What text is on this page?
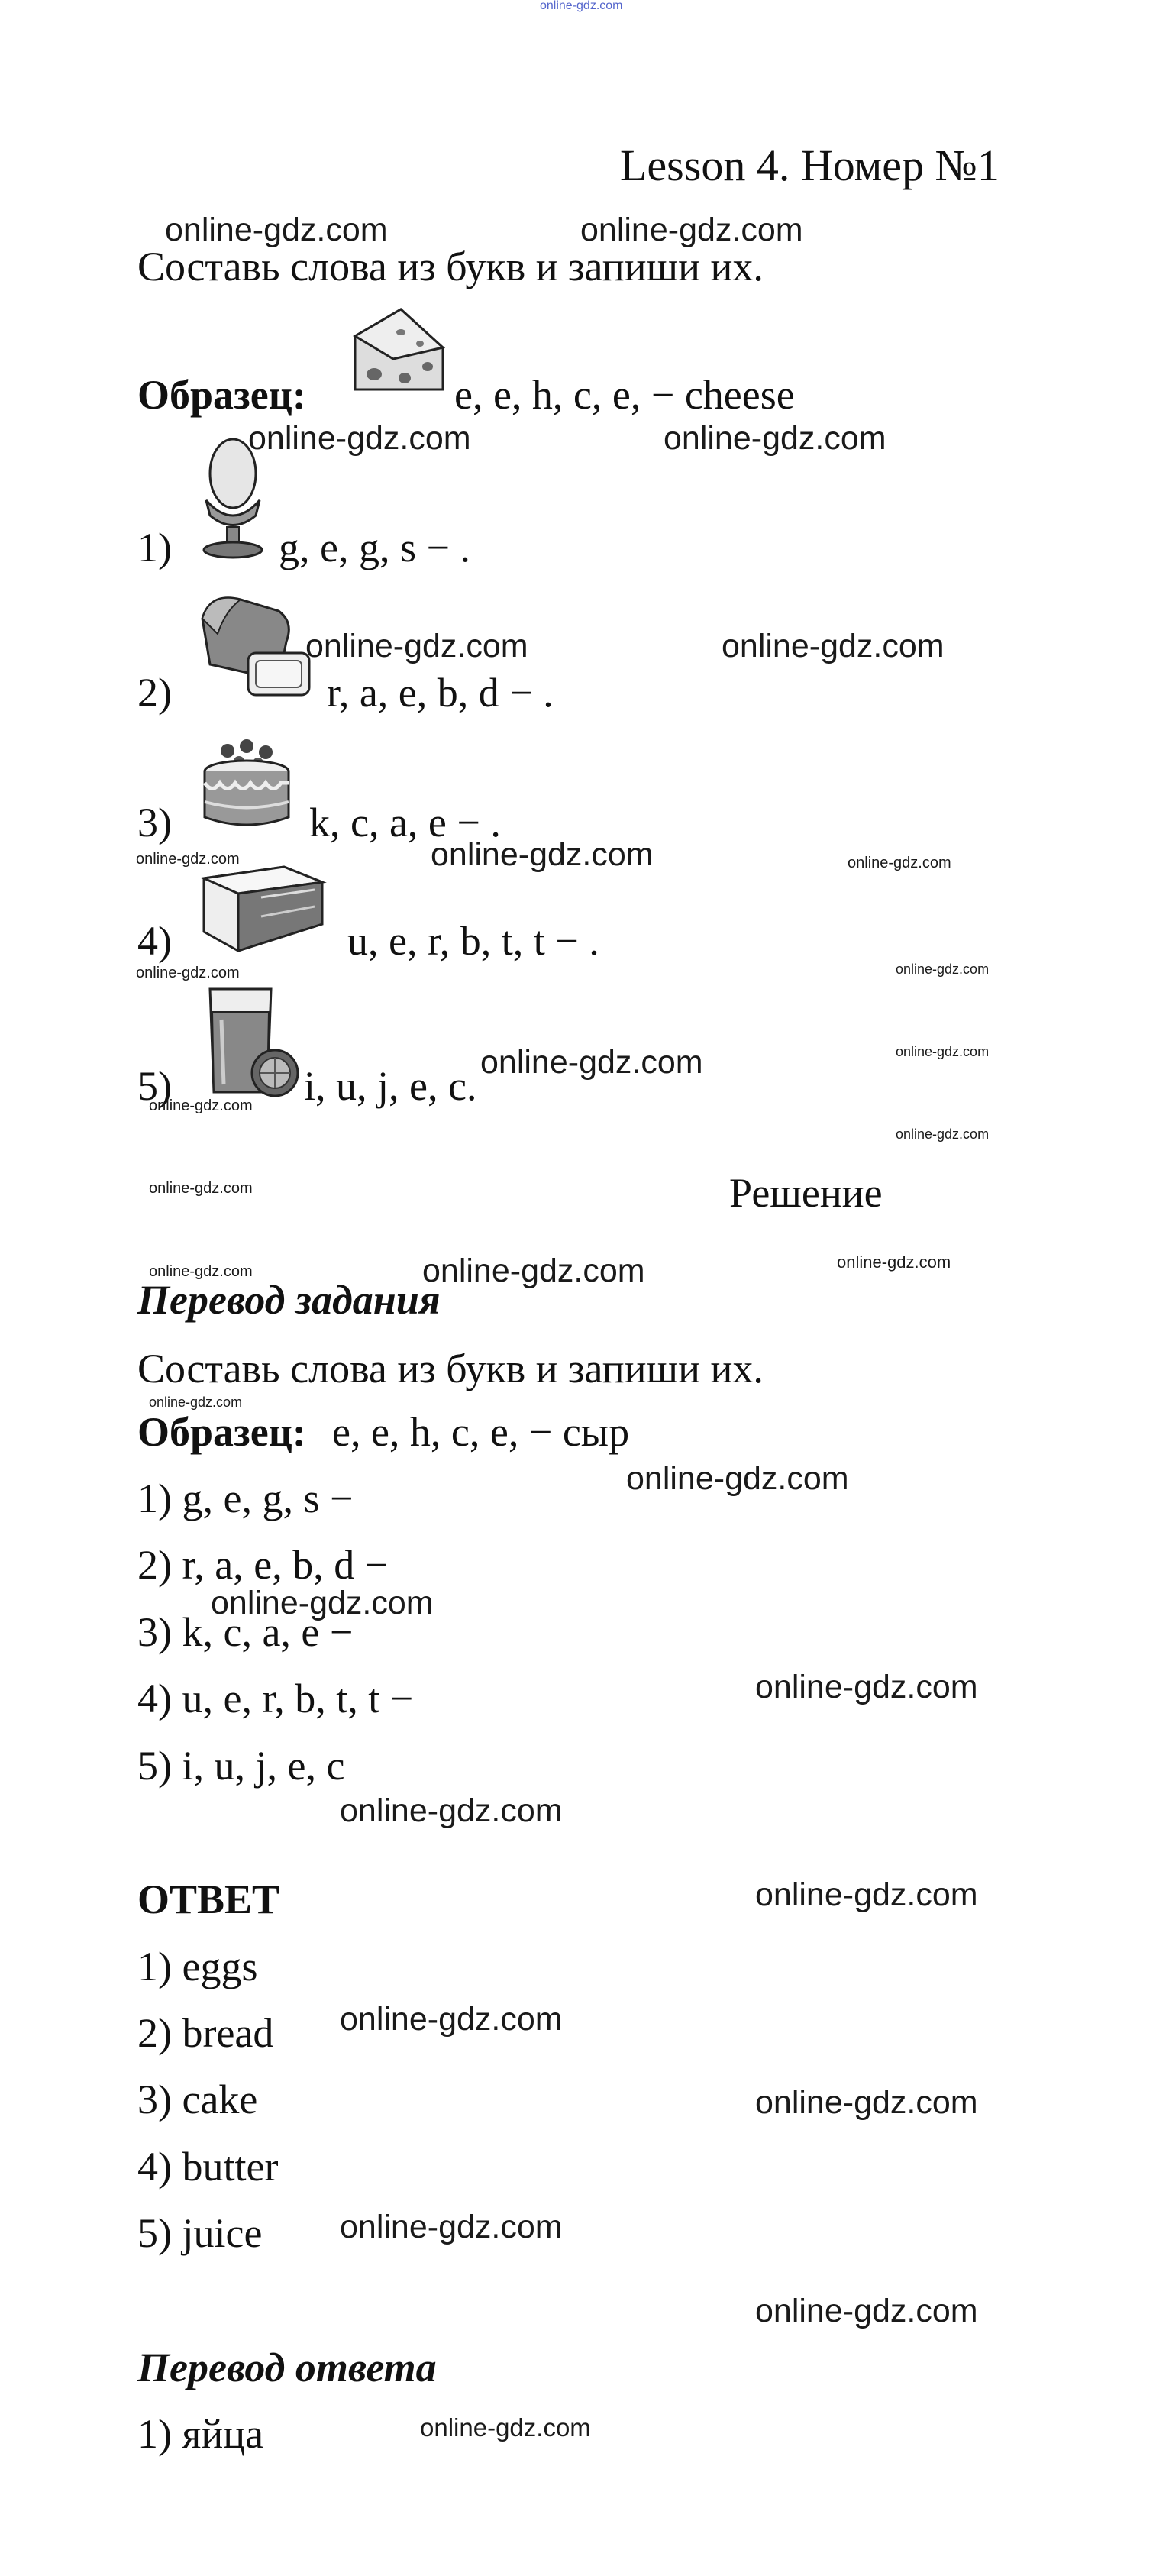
online-gdz.com
Lesson 4. Номер №1
Составь слова из букв и запиши их.
Образец:	e, e, h, c, e, − cheese
1)	g, e, g, s − .
2)	r, a, e, b, d − .
3)	k, c, a, e − .
4)	u, e, r, b, t, t − .
5)	i, u, j, e, c.
Решение
Перевод задания
Составь слова из букв и запиши их.
Образец: e, e, h, c, e, − сыр
1) g, e, g, s −
2) r, a, e, b, d −
3) k, c, a, e −
4) u, e, r, b, t, t −
5) i, u, j, e, c
ОТВЕТ
1) eggs
2) bread
3) cake
4) butter
5) juice
Перевод ответа
1) яйца
online-gdz.com	online-gdz.com
online-gdz.com	online-gdz.com
online-gdz.com	online-gdz.com
online-gdz.com
online-gdz.com
online-gdz.com
online-gdz.com
online-gdz.com
online-gdz.com
online-gdz.com
online-gdz.com
online-gdz.com
online-gdz.com
online-gdz.com
online-gdz.com
online-gdz.com
online-gdz.com	online-gdz.com
online-gdz.com	online-gdz.com
online-gdz.com
online-gdz.com
online-gdz.com
online-gdz.com
online-gdz.com	online-gdz.com
online-gdz.com
